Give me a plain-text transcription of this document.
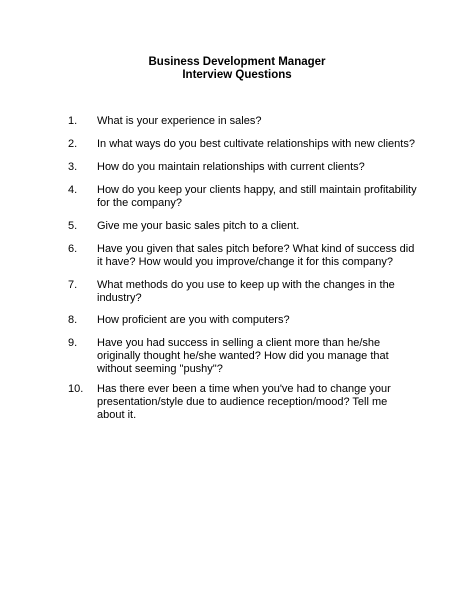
Business Development Manager
Interview Questions
1.	What is your experience in sales?
2.	In what ways do you best cultivate relationships with new clients?
3.	How do you maintain relationships with current clients?
4.	How do you keep your clients happy, and still maintain profitability for the company?
5.	Give me your basic sales pitch to a client.
6.	Have you given that sales pitch before? What kind of success did it have? How would you improve/change it for this company?
7.	What methods do you use to keep up with the changes in the industry?
8.	How proficient are you with computers?
9.	Have you had success in selling a client more than he/she originally thought he/she wanted? How did you manage that without seeming "pushy"?
10.	Has there ever been a time when you've had to change your presentation/style due to audience reception/mood? Tell me about it.
